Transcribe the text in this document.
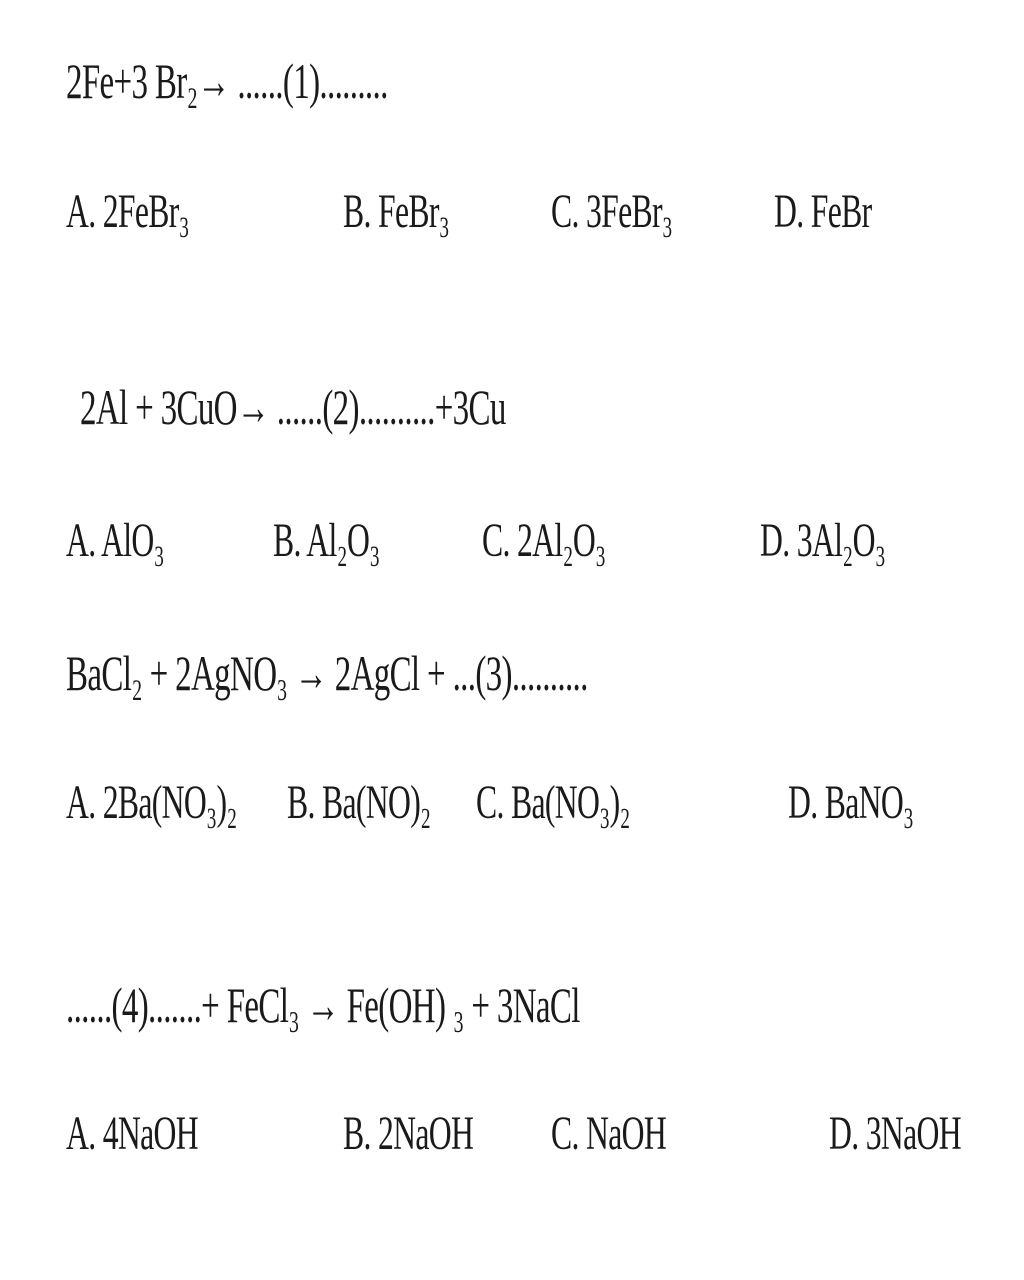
2Fe+3 Br₂→ ......(1).........
A. 2FeBr₃	B. FeBr₃ C. 3FeBr₃ D. FeBr
2Al + 3CuO→ ......(2)..........+3Cu
A. AlO₃ B. Al₂O₃ C. 2Al₂O₃	D. 3Al₂O₃
BaCl₂ + 2AgNO₃ → 2AgCl + ...(3)..........
A. 2Ba(NO₃)₂ B. Ba(NO)₂ C. Ba(NO₃)₂	D. BaNO₃
......(4).......+ FeCl₃ → Fe(OH) ₃ + 3NaCl
A. 4NaOH	B. 2NaOH C. NaOH	D. 3NaOH
